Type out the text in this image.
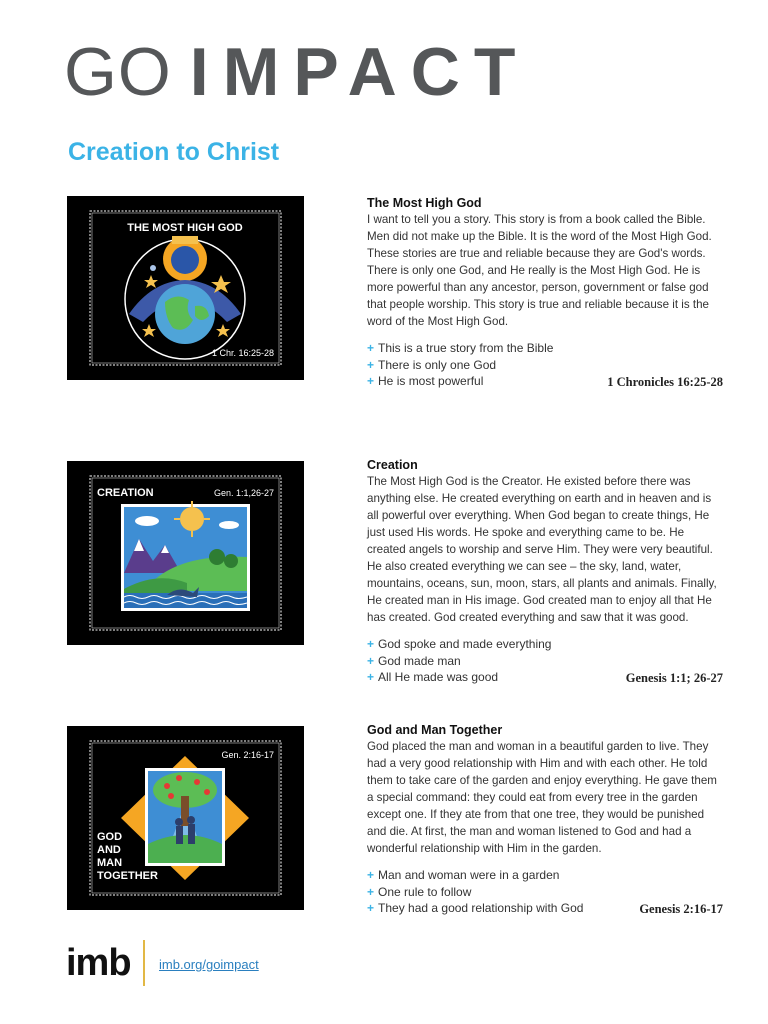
GO IMPACT
Creation to Christ
THE MOST HIGH GOD
1 Chr. 16:25-28
The Most High God

I want to tell you a story. This story is from a book called the Bible. Men did not make up the Bible. It is the word of the Most High God. These stories are true and reliable because they are God's words. There is only one God, and He really is the Most High God. He is more powerful than any ancestor, person, government or false god that people worship. This story is true and reliable because it is the word of the Most High God.

+ This is a true story from the Bible
+ There is only one God
+ He is most powerful	1 Chronicles 16:25-28
CREATION	Gen. 1:1,26-27
Creation

The Most High God is the Creator. He existed before there was anything else. He created everything on earth and in heaven and is all powerful over everything. When God began to create things, He just used His words. He spoke and everything came to be. He created angels to worship and serve Him. They were very beautiful. He also created everything we can see – the sky, land, water, mountains, oceans, sun, moon, stars, all plants and animals. Finally, He created man in His image. God created man to enjoy all that He has created. God created everything and saw that it was good.

+ God spoke and made everything
+ God made man
+ All He made was good	Genesis 1:1; 26-27
Gen. 2:16-17
GOD
AND
MAN
TOGETHER
God and Man Together

God placed the man and woman in a beautiful garden to live. They had a very good relationship with Him and with each other. He told them to take care of the garden and enjoy everything. He gave them a special command: they could eat from every tree in the garden except one. If they ate from that one tree, they would be punished and die. At first, the man and woman listened to God and had a wonderful relationship with Him in the garden.

+ Man and woman were in a garden
+ One rule to follow
+ They had a good relationship with God	Genesis 2:16-17
imb imb.org/goimpact
